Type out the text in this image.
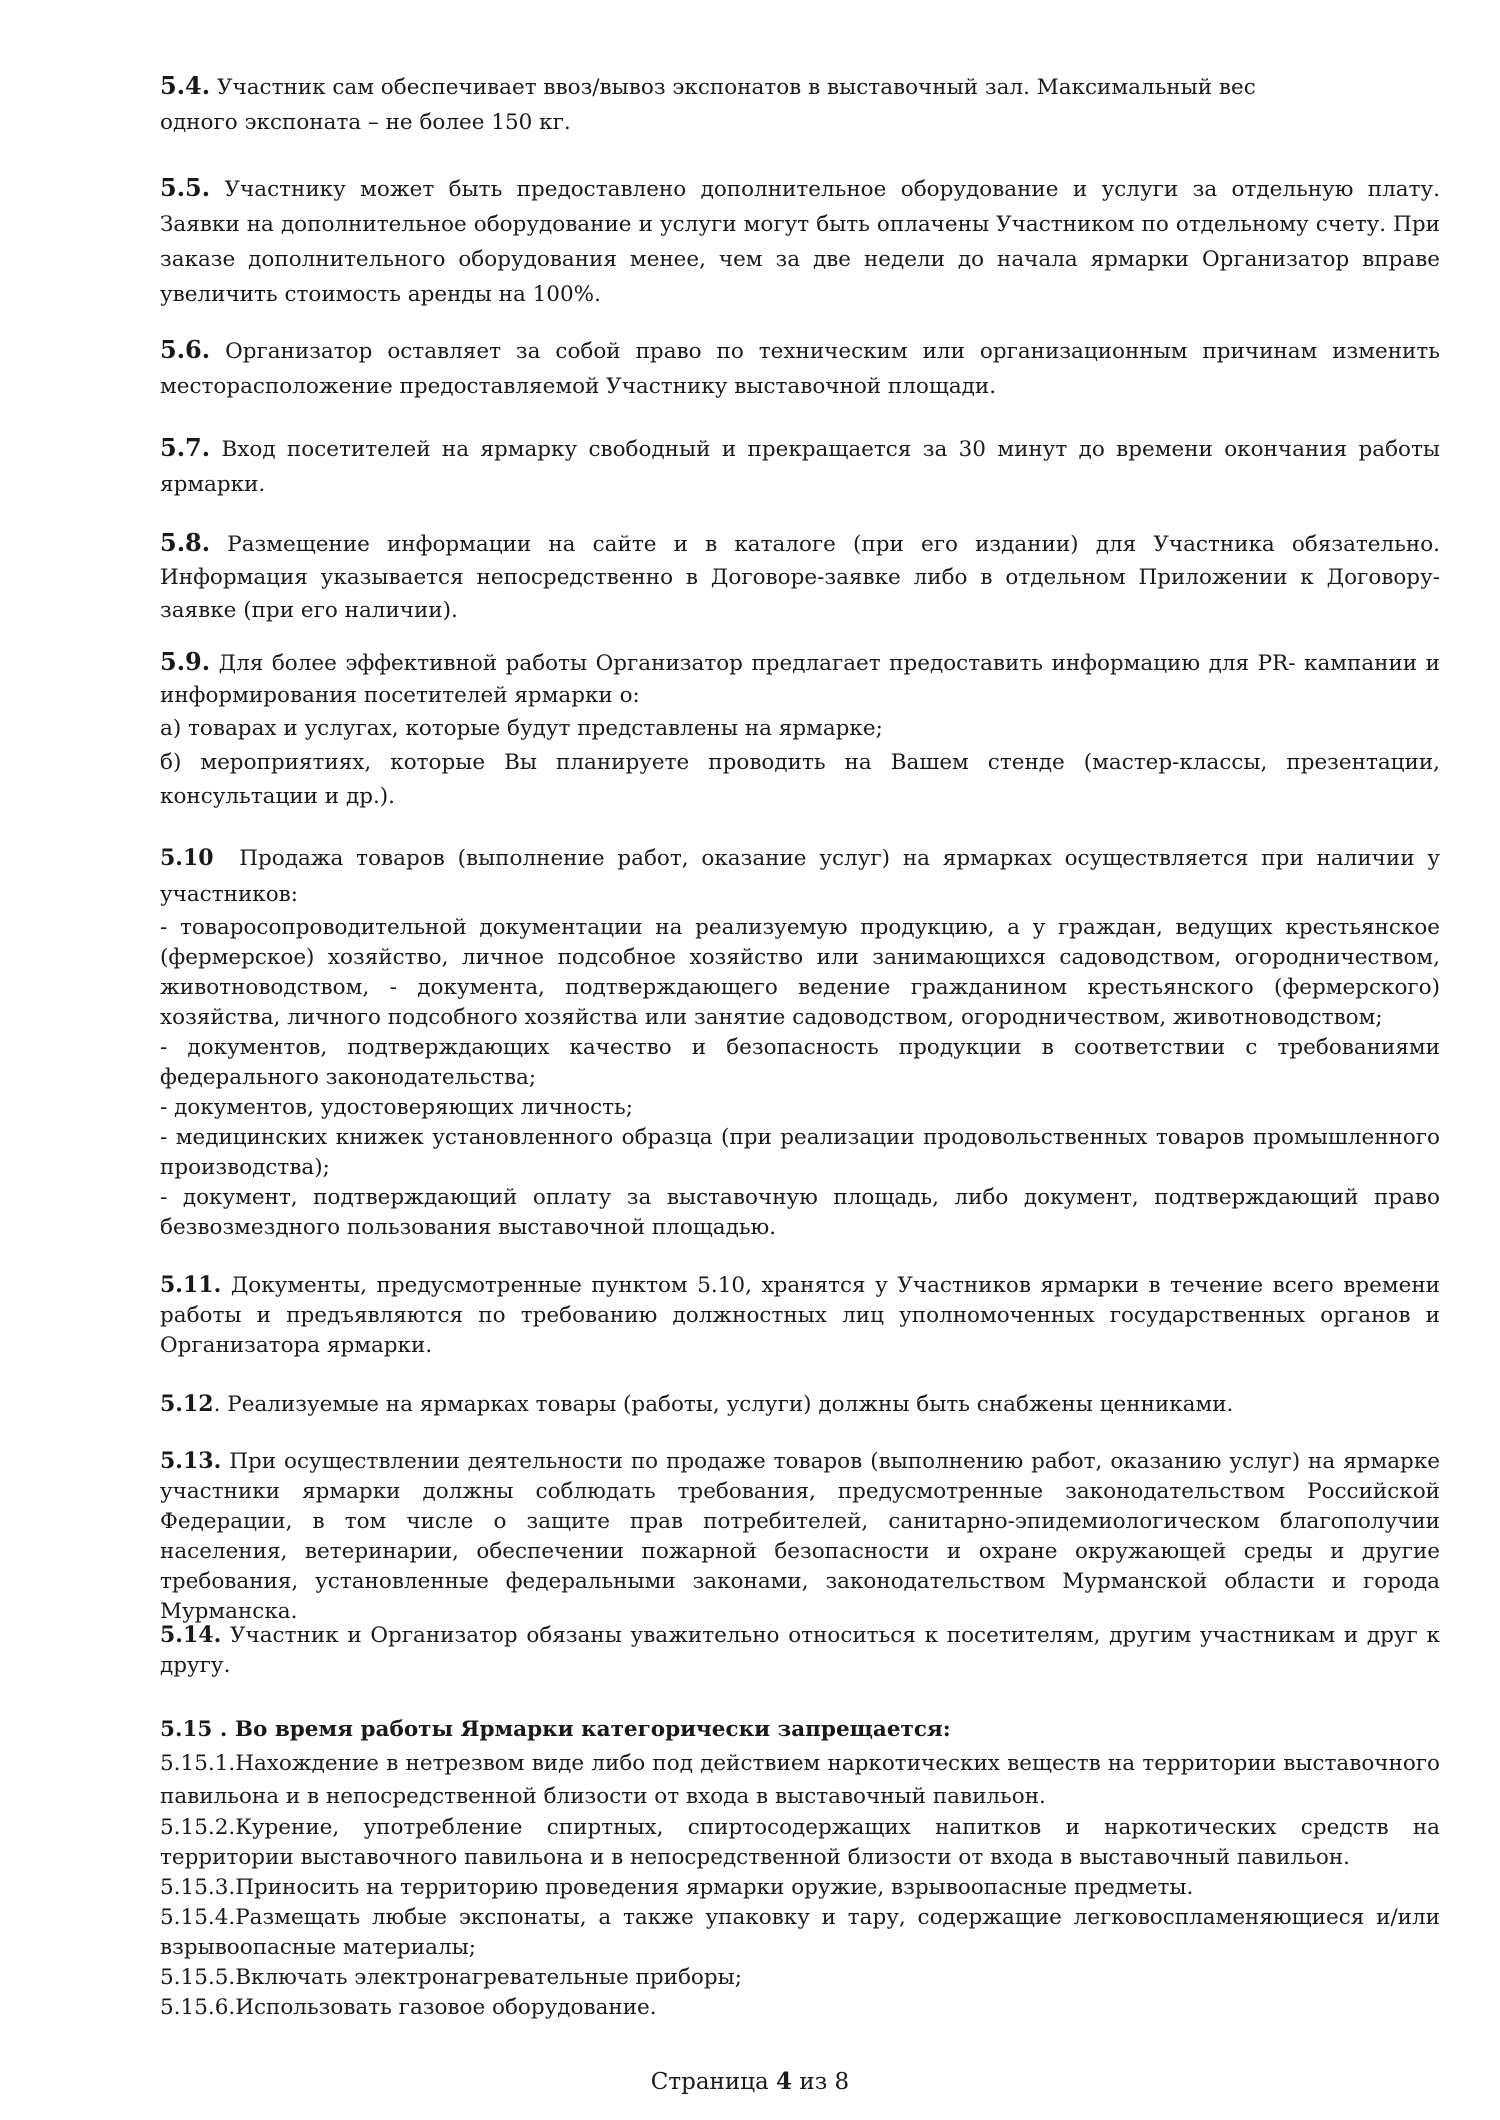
5.4. Участник сам обеспечивает ввоз/вывоз экспонатов в выставочный зал. Максимальный вес одного экспоната – не более 150 кг.

5.5. Участнику может быть предоставлено дополнительное оборудование и услуги за отдельную плату. Заявки на дополнительное оборудование и услуги могут быть оплачены Участником по отдельному счету. При заказе дополнительного оборудования менее, чем за две недели до начала ярмарки Организатор вправе увеличить стоимость аренды на 100%.

5.6. Организатор оставляет за собой право по техническим или организационным причинам изменить месторасположение предоставляемой Участнику выставочной площади.

5.7. Вход посетителей на ярмарку свободный и прекращается за 30 минут до времени окончания работы ярмарки.

5.8. Размещение информации на сайте и в каталоге (при его издании) для Участника обязательно. Информация указывается непосредственно в Договоре-заявке либо в отдельном Приложении к Договору-заявке (при его наличии).

5.9. Для более эффективной работы Организатор предлагает предоставить информацию для PR- кампании и информирования посетителей ярмарки о:

а) товарах и услугах, которые будут представлены на ярмарке;

б) мероприятиях, которые Вы планируете проводить на Вашем стенде (мастер-классы, презентации, консультации и др.).

5.10 Продажа товаров (выполнение работ, оказание услуг) на ярмарках осуществляется при наличии у участников:

- товаросопроводительной документации на реализуемую продукцию, а у граждан, ведущих крестьянское (фермерское) хозяйство, личное подсобное хозяйство или занимающихся садоводством, огородничеством, животноводством, - документа, подтверждающего ведение гражданином крестьянского (фермерского) хозяйства, личного подсобного хозяйства или занятие садоводством, огородничеством, животноводством;

- документов, подтверждающих качество и безопасность продукции в соответствии с требованиями федерального законодательства;

- документов, удостоверяющих личность;

- медицинских книжек установленного образца (при реализации продовольственных товаров промышленного производства);

- документ, подтверждающий оплату за выставочную площадь, либо документ, подтверждающий право безвозмездного пользования выставочной площадью.

5.11. Документы, предусмотренные пунктом 5.10, хранятся у Участников ярмарки в течение всего времени работы и предъявляются по требованию должностных лиц уполномоченных государственных органов и Организатора ярмарки.

5.12. Реализуемые на ярмарках товары (работы, услуги) должны быть снабжены ценниками.

5.13. При осуществлении деятельности по продаже товаров (выполнению работ, оказанию услуг) на ярмарке участники ярмарки должны соблюдать требования, предусмотренные законодательством Российской Федерации, в том числе о защите прав потребителей, санитарно-эпидемиологическом благополучии населения, ветеринарии, обеспечении пожарной безопасности и охране окружающей среды и другие требования, установленные федеральными законами, законодательством Мурманской области и города Мурманска.

5.14. Участник и Организатор обязаны уважительно относиться к посетителям, другим участникам и друг к другу.

5.15 . Во время работы Ярмарки категорически запрещается:

5.15.1.Нахождение в нетрезвом виде либо под действием наркотических веществ на территории выставочного павильона и в непосредственной близости от входа в выставочный павильон.

5.15.2.Курение, употребление спиртных, спиртосодержащих напитков и наркотических средств на территории выставочного павильона и в непосредственной близости от входа в выставочный павильон.

5.15.3.Приносить на территорию проведения ярмарки оружие, взрывоопасные предметы.

5.15.4.Размещать любые экспонаты, а также упаковку и тару, содержащие легковоспламеняющиеся и/или взрывоопасные материалы;

5.15.5.Включать электронагревательные приборы;

5.15.6.Использовать газовое оборудование.

Страница 4 из 8
